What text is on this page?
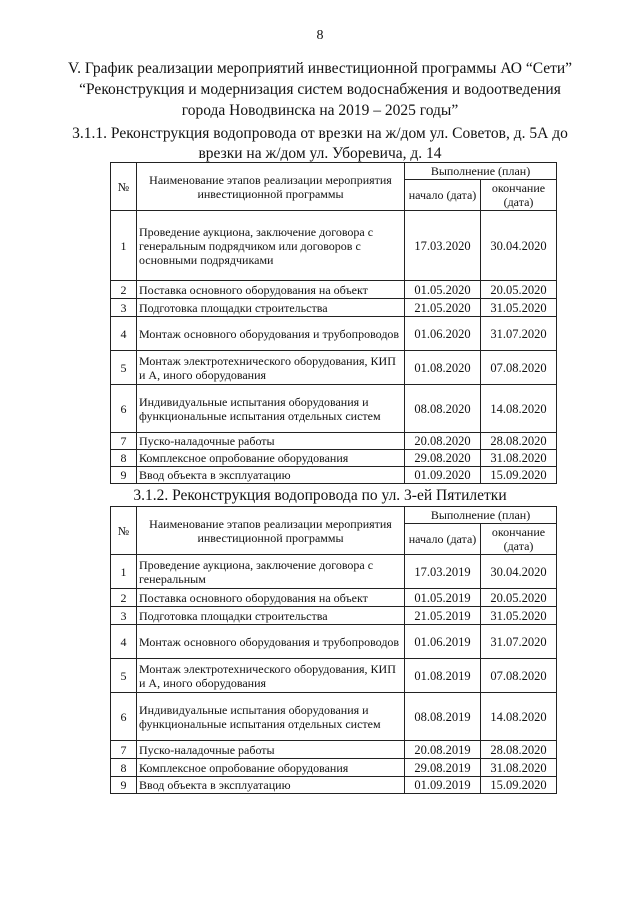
8
V. График реализации мероприятий инвестиционной программы АО “Сети” “Реконструкция и модернизация систем водоснабжения и водоотведения города Новодвинска на 2019 – 2025 годы”
3.1.1. Реконструкция водопровода от врезки на ж/дом ул. Советов, д. 5А до врезки на ж/дом ул. Уборевича, д. 14
№	Наименование этапов реализации мероприятия инвестиционной программы	Выполнение (план)	
		начало (дата)	окончание (дата)
1	Проведение аукциона, заключение договора с генеральным подрядчиком или договоров с основными подрядчиками	17.03.2020	30.04.2020
2	Поставка основного оборудования на объект	01.05.2020	20.05.2020
3	Подготовка площадки строительства	21.05.2020	31.05.2020
4	Монтаж основного оборудования и трубопроводов	01.06.2020	31.07.2020
5	Монтаж электротехнического оборудования, КИП и А, иного оборудования	01.08.2020	07.08.2020
6	Индивидуальные испытания оборудования и функциональные испытания отдельных систем	08.08.2020	14.08.2020
7	Пуско-наладочные работы	20.08.2020	28.08.2020
8	Комплексное опробование оборудования	29.08.2020	31.08.2020
9	Ввод объекта в эксплуатацию	01.09.2020	15.09.2020
3.1.2. Реконструкция водопровода по ул. 3-ей Пятилетки
№	Наименование этапов реализации мероприятия инвестиционной программы	Выполнение (план)	
		начало (дата)	окончание (дата)
1	Проведение аукциона, заключение договора с генеральным	17.03.2019	30.04.2020
2	Поставка основного оборудования на объект	01.05.2019	20.05.2020
3	Подготовка площадки строительства	21.05.2019	31.05.2020
4	Монтаж основного оборудования и трубопроводов	01.06.2019	31.07.2020
5	Монтаж электротехнического оборудования, КИП и А, иного оборудования	01.08.2019	07.08.2020
6	Индивидуальные испытания оборудования и функциональные испытания отдельных систем	08.08.2019	14.08.2020
7	Пуско-наладочные работы	20.08.2019	28.08.2020
8	Комплексное опробование оборудования	29.08.2019	31.08.2020
9	Ввод объекта в эксплуатацию	01.09.2019	15.09.2020
